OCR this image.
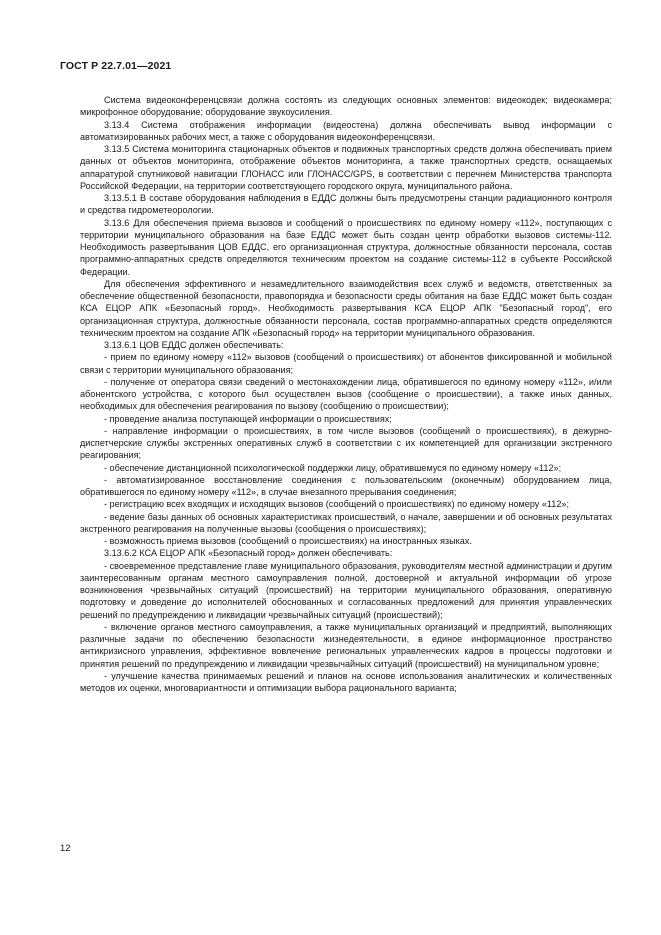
ГОСТ Р 22.7.01—2021

Система видеоконференцсвязи должна состоять из следующих основных элементов: видеокодек; видеокамера; микрофонное оборудование; оборудование звукоусиления.

3.13.4 Система отображения информации (видеостена) должна обеспечивать вывод информации с автоматизированных рабочих мест, а также с оборудования видеоконференцсвязи.

3.13.5 Система мониторинга стационарных объектов и подвижных транспортных средств должна обеспечивать прием данных от объектов мониторинга, отображение объектов мониторинга, а также транспортных средств, оснащаемых аппаратурой спутниковой навигации ГЛОНАСС или ГЛОНАСС/GPS, в соответствии с перечнем Министерства транспорта Российской Федерации, на территории соответствующего городского округа, муниципального района.

3.13.5.1 В составе оборудования наблюдения в ЕДДС должны быть предусмотрены станции радиационного контроля и средства гидрометеорологии.

3.13.6 Для обеспечения приема вызовов и сообщений о происшествиях по единому номеру «112», поступающих с территории муниципального образования на базе ЕДДС может быть создан центр обработки вызовов системы-112. Необходимость развертывания ЦОВ ЕДДС, его организационная структура, должностные обязанности персонала, состав программно-аппаратных средств определяются техническим проектом на создание системы-112 в субъекте Российской Федерации.

Для обеспечения эффективного и незамедлительного взаимодействия всех служб и ведомств, ответственных за обеспечение общественной безопасности, правопорядка и безопасности среды обитания на базе ЕДДС может быть создан КСА ЕЦОР АПК «Безопасный город». Необходимость развертывания КСА ЕЦОР АПК "Безопасный город", его организационная структура, должностные обязанности персонала, состав программно-аппаратных средств определяются техническим проектом на создание АПК «Безопасный город» на территории муниципального образования.

3.13.6.1 ЦОВ ЕДДС должен обеспечивать:

- прием по единому номеру «112» вызовов (сообщений о происшествиях) от абонентов фиксированной и мобильной связи с территории муниципального образования;

- получение от оператора связи сведений о местонахождении лица, обратившегося по единому номеру «112», и/или абонентского устройства, с которого был осуществлен вызов (сообщение о происшествии), а также иных данных, необходимых для обеспечения реагирования по вызову (сообщению о происшествии);

- проведение анализа поступающей информации о происшествиях;

- направление информации о происшествиях, в том числе вызовов (сообщений о происшествиях), в дежурно-диспетчерские службы экстренных оперативных служб в соответствии с их компетенцией для организации экстренного реагирования;

- обеспечение дистанционной психологической поддержки лицу, обратившемуся по единому номеру «112»;

- автоматизированное восстановление соединения с пользовательским (оконечным) оборудованием лица, обратившегося по единому номеру «112», в случае внезапного прерывания соединения;

- регистрацию всех входящих и исходящих вызовов (сообщений о происшествиях) по единому номеру «112»;

- ведение базы данных об основных характеристиках происшествий, о начале, завершении и об основных результатах экстренного реагирования на полученные вызовы (сообщения о происшествиях);

- возможность приема вызовов (сообщений о происшествиях) на иностранных языках.

3.13.6.2 КСА ЕЦОР АПК «Безопасный город» должен обеспечивать:

- своевременное представление главе муниципального образования, руководителям местной администрации и другим заинтересованным органам местного самоуправления полной, достоверной и актуальной информации об угрозе возникновения чрезвычайных ситуаций (происшествий) на территории муниципального образования, оперативную подготовку и доведение до исполнителей обоснованных и согласованных предложений для принятия управленческих решений по предупреждению и ликвидации чрезвычайных ситуаций (происшествий);

- включение органов местного самоуправления, а также муниципальных организаций и предприятий, выполняющих различные задачи по обеспечению безопасности жизнедеятельности, в единое информационное пространство антикризисного управления, эффективное вовлечение региональных управленческих кадров в процессы подготовки и принятия решений по предупреждению и ликвидации чрезвычайных ситуаций (происшествий) на муниципальном уровне;

- улучшение качества принимаемых решений и планов на основе использования аналитических и количественных методов их оценки, многовариантности и оптимизации выбора рационального варианта;

12
